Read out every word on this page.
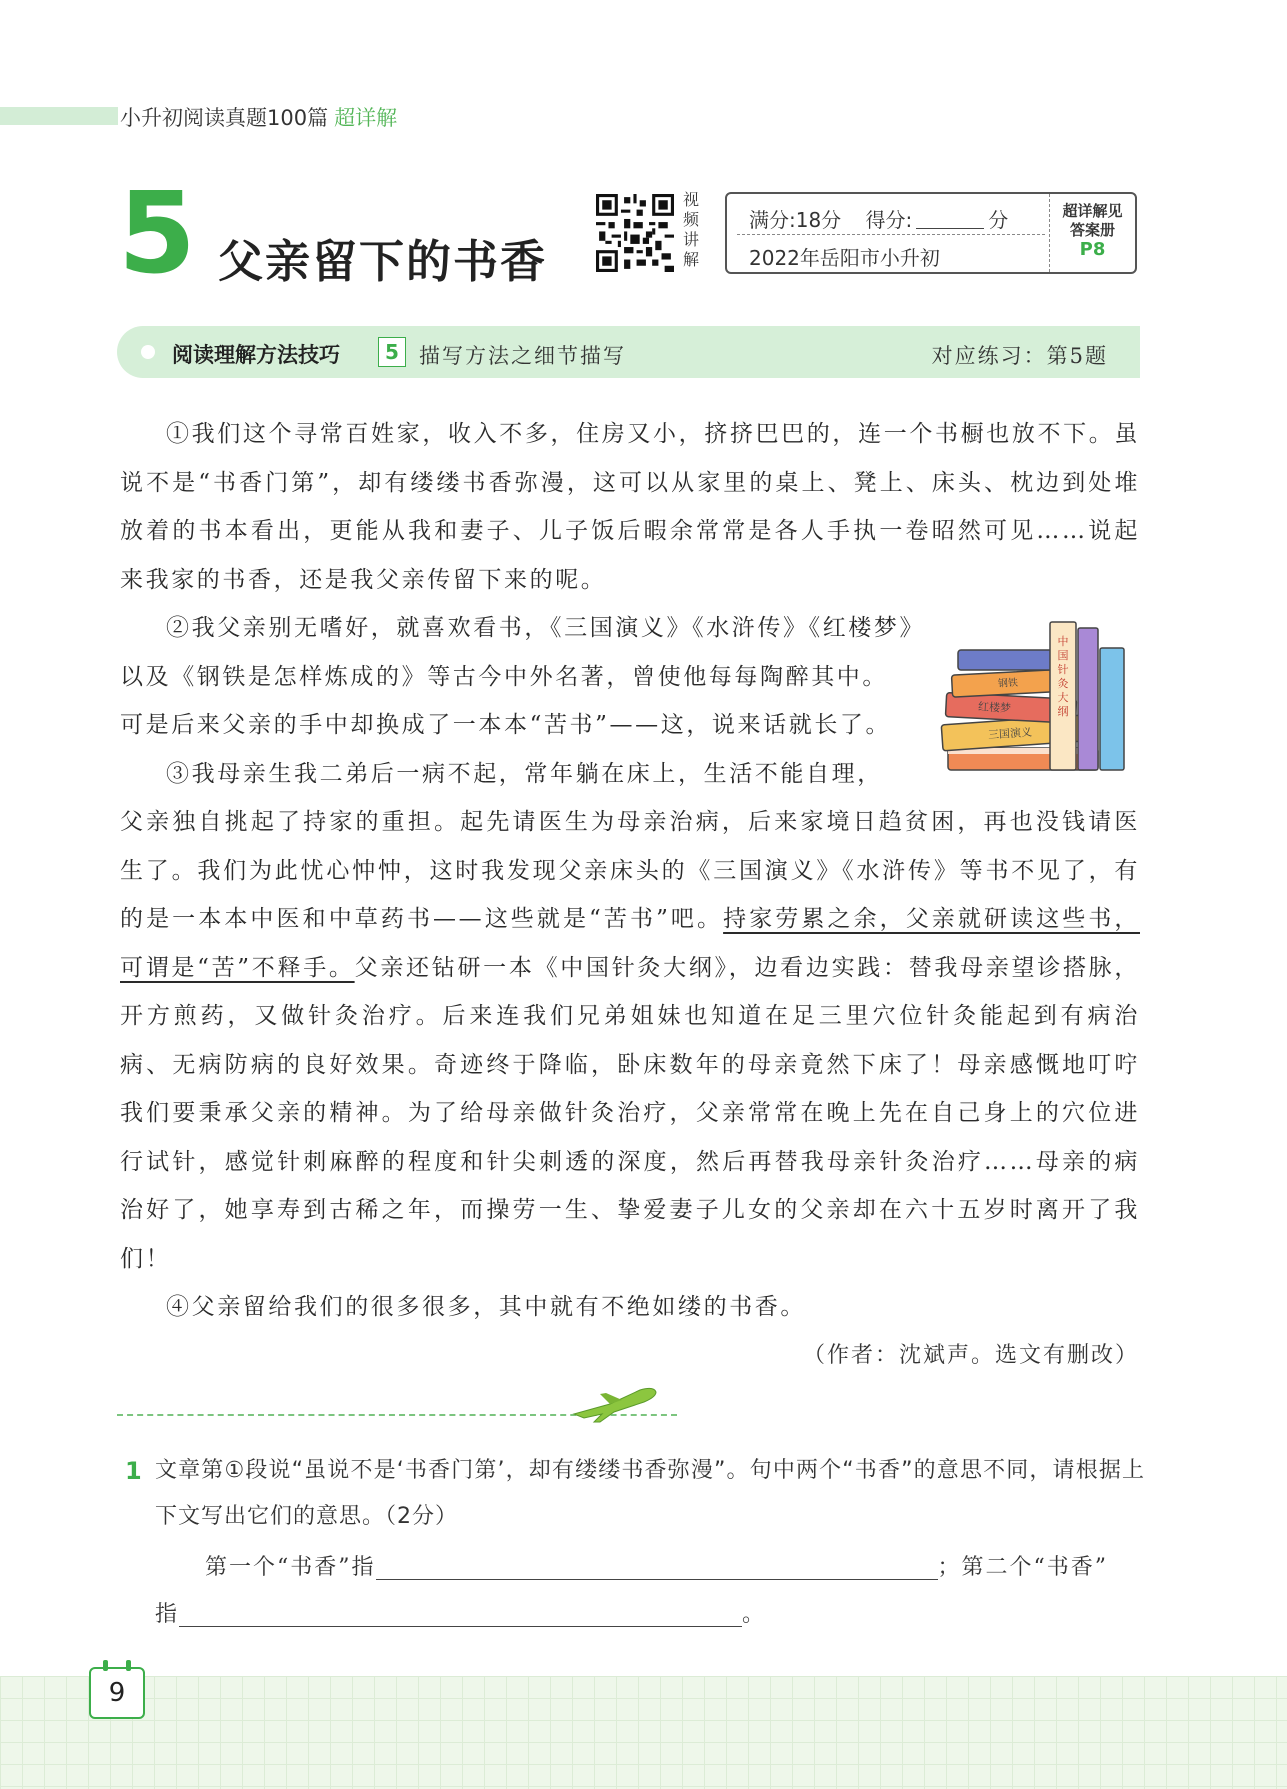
小升初阅读真题100篇 超详解
5 父亲留下的书香
视
频
讲
解
满分:18分 得分:	分
2022年岳阳市小升初
超详解见
答案册
P8
阅读理解方法技巧	5 描写方法之细节描写	对应练习：第5题

①我们这个寻常百姓家，收入不多，住房又小，挤挤巴巴的，连一个书橱也放不下。虽说不是“书香门第”，却有缕缕书香弥漫，这可以从家里的桌上、凳上、床头、枕边到处堆放着的书本看出，更能从我和妻子、儿子饭后暇余常常是各人手执一卷昭然可见……说起来我家的书香，还是我父亲传留下来的呢。

②我父亲别无嗜好，就喜欢看书，《三国演义》《水浒传》《红楼梦》

以及《钢铁是怎样炼成的》等古今中外名著，曾使他每每陶醉其中。
可是后来父亲的手中却换成了一本本“苦书”——这，说来话就长了。

③我母亲生我二弟后一病不起，常年躺在床上，生活不能自理，

父亲独自挑起了持家的重担。起先请医生为母亲治病，后来家境日趋贫困，再也没钱请医生了。我们为此忧心忡忡，这时我发现父亲床头的《三国演义》《水浒传》等书不见了，有的是一本本中医和中草药书——这些就是“苦书”吧。持家劳累之余，父亲就研读这些书，可谓是“苦”不释手。父亲还钻研一本《中国针灸大纲》，边看边实践：替我母亲望诊搭脉，开方煎药，又做针灸治疗。后来连我们兄弟姐妹也知道在足三里穴位针灸能起到有病治病、无病防病的良好效果。奇迹终于降临，卧床数年的母亲竟然下床了！母亲感慨地叮咛我们要秉承父亲的精神。为了给母亲做针灸治疗，父亲常常在晚上先在自己身上的穴位进行试针，感觉针刺麻醉的程度和针尖刺透的深度，然后再替我母亲针灸治疗……母亲的病治好了，她享寿到古稀之年，而操劳一生、挚爱妻子儿女的父亲却在六十五岁时离开了我们！

④父亲留给我们的很多很多，其中就有不绝如缕的书香。

中国针灸大纲
钢铁
红楼梦
三国演义
（作者：沈斌声。选文有删改）
1 文章第①段说“虽说不是‘书香门第’，却有缕缕书香弥漫”。句中两个“书香”的意思不同，请根据上下文写出它们的意思。（2分）
第一个“书香”指	；第二个“书香”
指	。
9
